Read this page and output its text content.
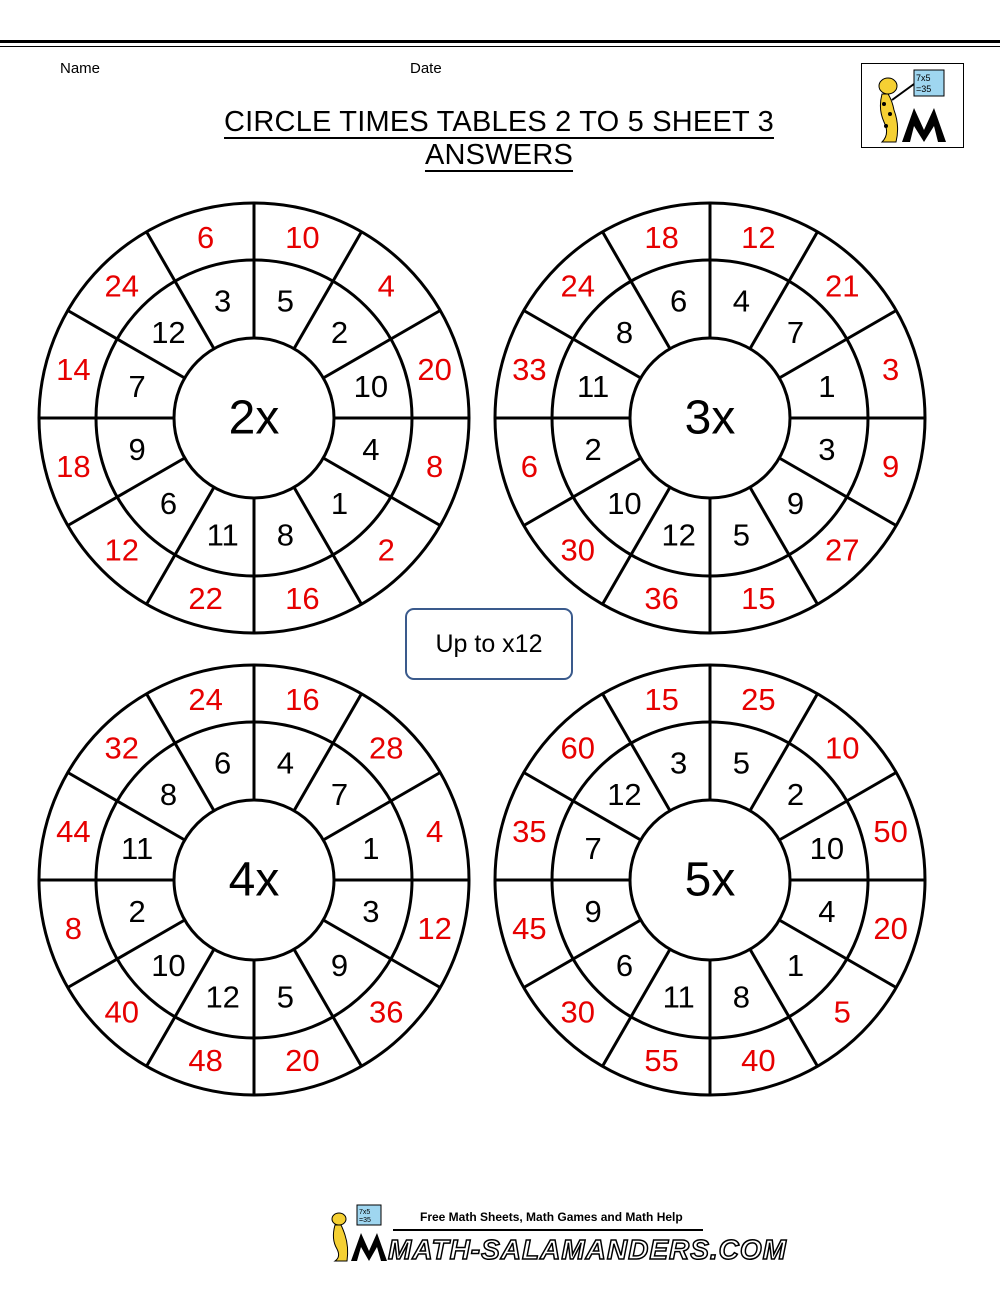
Name	Date
CIRCLE TIMES TABLES 2 TO 5 SHEET 3 ANSWERS
7x5
=35
5
10
2
4
10 20
4 8
1
2
8
16
11
22
6
12
9
18
7
14
12
24 3
6
2x
4
12
7
21
1 3
3 9
9
27
5
15
12
36
10
30
2
6
11
33
8
24 6
18
3x
4
16
7
28
1 4
3 12
9
36
5
20
12
48
10
40
2
8
11
44
8
32 6
24
4x
5
25
2
10
10 50
4 20
1
5
8
40
11
55
6
30
9
45
7
35
12
60 3
15
5x
Up to x12
7x5
=35	Free Math Sheets, Math Games and Math Help
MATH-SALAMANDERS.COM
